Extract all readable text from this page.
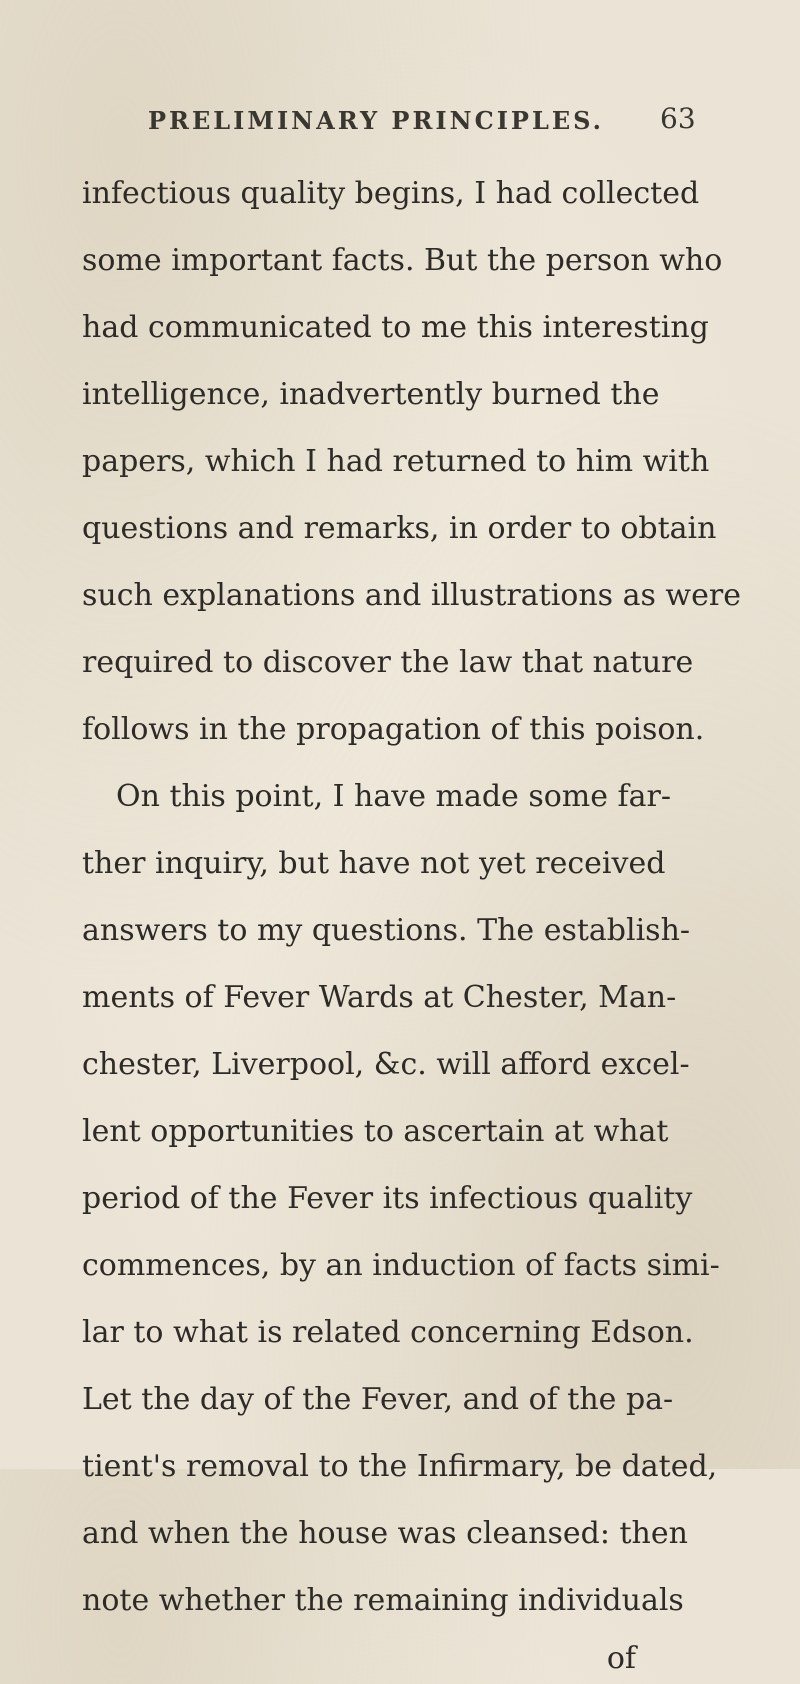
PRELIMINARY PRINCIPLES. 63
infectious quality begins, I had collected
some important facts. But the person who
had communicated to me this interesting
intelligence, inadvertently burned the
papers, which I had returned to him with
questions and remarks, in order to obtain
such explanations and illustrations as were
required to discover the law that nature
follows in the propagation of this poison.
On this point, I have made some far-
ther inquiry, but have not yet received
answers to my questions. The establish-
ments of Fever Wards at Chester, Man-
chester, Liverpool, &c. will afford excel-
lent opportunities to ascertain at what
period of the Fever its infectious quality
commences, by an induction of facts simi-
lar to what is related concerning Edson.
Let the day of the Fever, and of the pa-
tient's removal to the Infirmary, be dated,
and when the house was cleansed: then
note whether the remaining individuals
of
